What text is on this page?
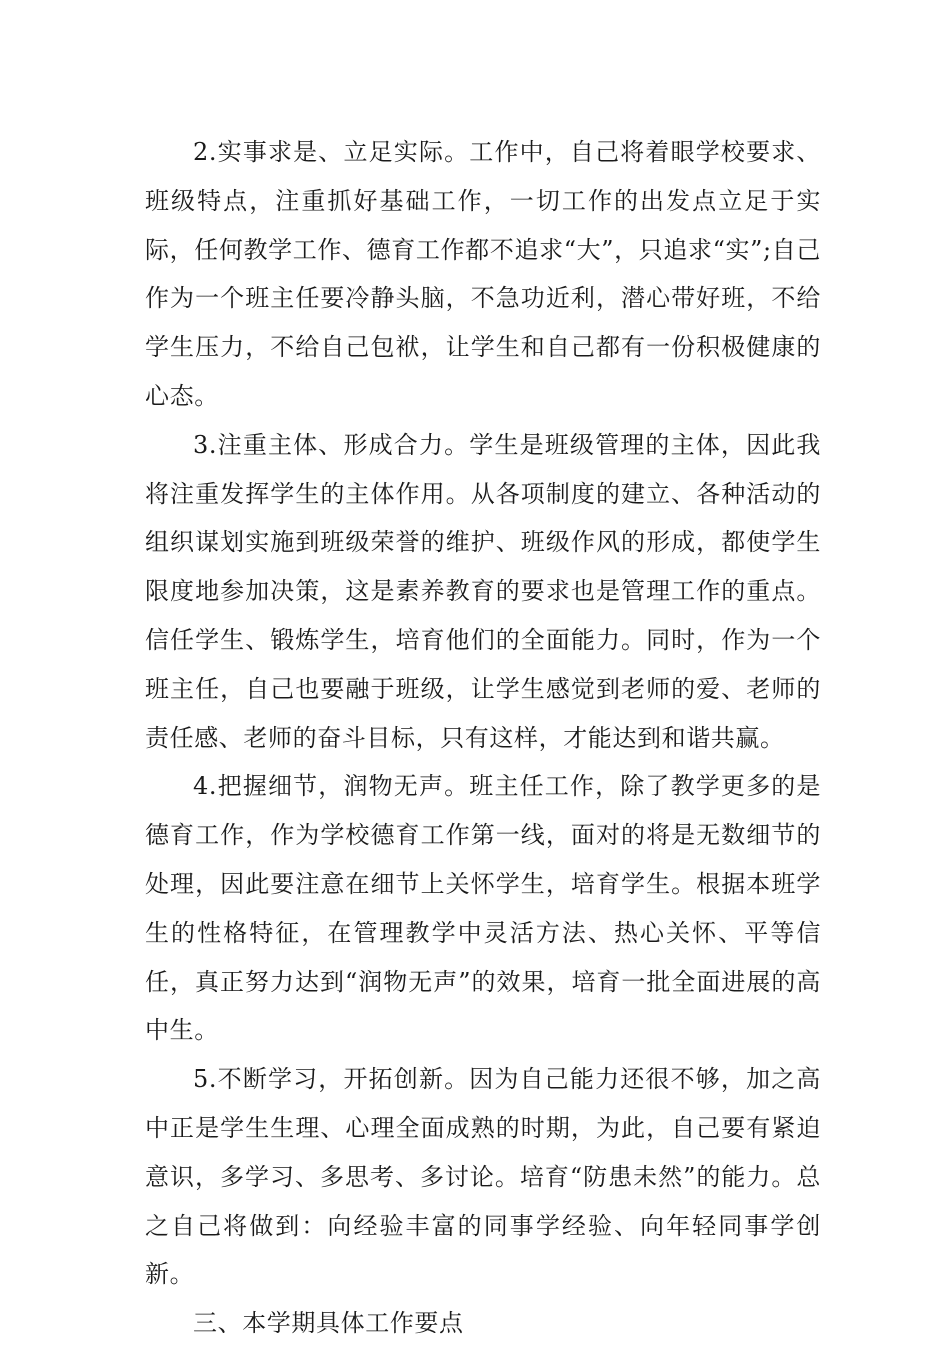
2.实事求是、立足实际。工作中，自己将着眼学校要求、班级特点，注重抓好基础工作，一切工作的出发点立足于实际，任何教学工作、德育工作都不追求“大”，只追求“实”;自己作为一个班主任要冷静头脑，不急功近利，潜心带好班，不给学生压力，不给自己包袱，让学生和自己都有一份积极健康的心态。

3.注重主体、形成合力。学生是班级管理的主体，因此我将注重发挥学生的主体作用。从各项制度的建立、各种活动的组织谋划实施到班级荣誉的维护、班级作风的形成，都使学生限度地参加决策，这是素养教育的要求也是管理工作的重点。信任学生、锻炼学生，培育他们的全面能力。同时，作为一个班主任，自己也要融于班级，让学生感觉到老师的爱、老师的责任感、老师的奋斗目标，只有这样，才能达到和谐共赢。

4.把握细节，润物无声。班主任工作，除了教学更多的是德育工作，作为学校德育工作第一线，面对的将是无数细节的处理，因此要注意在细节上关怀学生，培育学生。根据本班学生的性格特征，在管理教学中灵活方法、热心关怀、平等信任，真正努力达到“润物无声”的效果，培育一批全面进展的高中生。

5.不断学习，开拓创新。因为自己能力还很不够，加之高中正是学生生理、心理全面成熟的时期，为此，自己要有紧迫意识，多学习、多思考、多讨论。培育“防患未然”的能力。总之自己将做到：向经验丰富的同事学经验、向年轻同事学创新。

三、本学期具体工作要点
